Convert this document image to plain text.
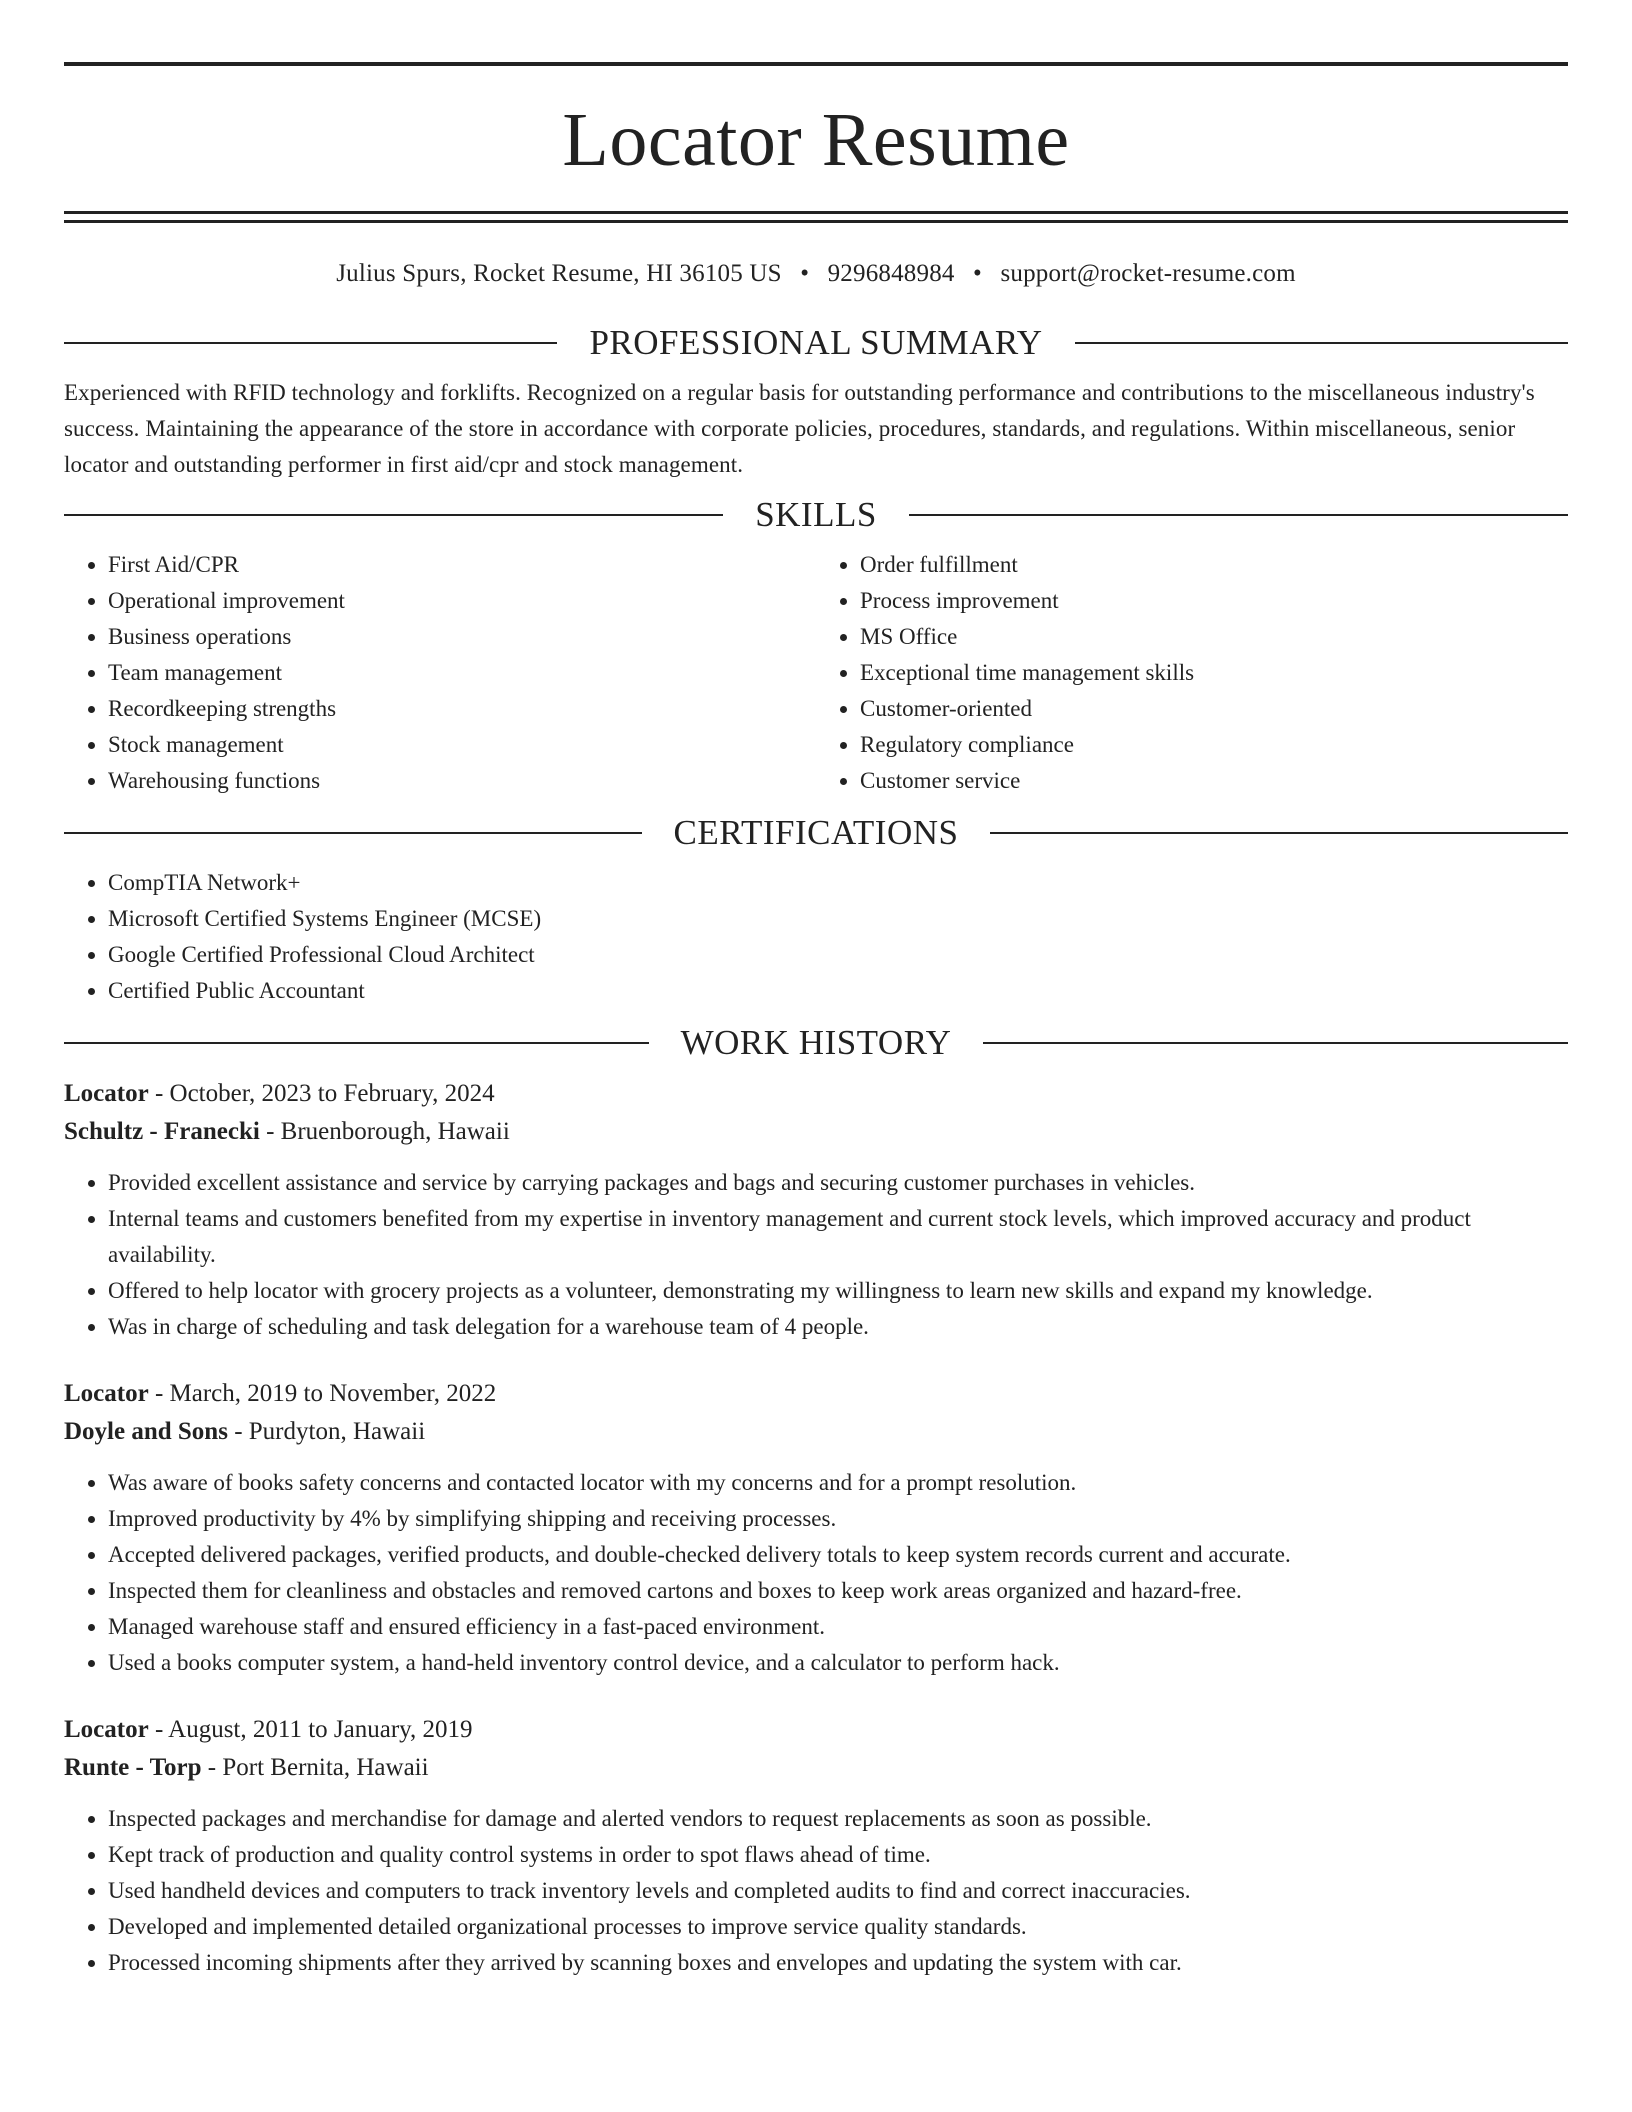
Locator Resume
Julius Spurs, Rocket Resume, HI 36105 US • 9296848984 • support@rocket-resume.com
PROFESSIONAL SUMMARY

Experienced with RFID technology and forklifts. Recognized on a regular basis for outstanding performance and contributions to the miscellaneous industry's success. Maintaining the appearance of the store in accordance with corporate policies, procedures, standards, and regulations. Within miscellaneous, senior locator and outstanding performer in first aid/cpr and stock management.

SKILLS
• First Aid/CPR
• Operational improvement
• Business operations
• Team management
• Recordkeeping strengths
• Stock management
• Warehousing functions
• Order fulfillment
• Process improvement
• MS Office
• Exceptional time management skills
• Customer-oriented
• Regulatory compliance
• Customer service
CERTIFICATIONS
• CompTIA Network+
• Microsoft Certified Systems Engineer (MCSE)
• Google Certified Professional Cloud Architect
• Certified Public Accountant
WORK HISTORY

Locator - October, 2023 to February, 2024

Schultz - Franecki - Bruenborough, Hawaii

• Provided excellent assistance and service by carrying packages and bags and securing customer purchases in vehicles.
• Internal teams and customers benefited from my expertise in inventory management and current stock levels, which improved accuracy and product availability.
• Offered to help locator with grocery projects as a volunteer, demonstrating my willingness to learn new skills and expand my knowledge.
• Was in charge of scheduling and task delegation for a warehouse team of 4 people.

Locator - March, 2019 to November, 2022

Doyle and Sons - Purdyton, Hawaii

• Was aware of books safety concerns and contacted locator with my concerns and for a prompt resolution.
• Improved productivity by 4% by simplifying shipping and receiving processes.
• Accepted delivered packages, verified products, and double-checked delivery totals to keep system records current and accurate.
• Inspected them for cleanliness and obstacles and removed cartons and boxes to keep work areas organized and hazard-free.
• Managed warehouse staff and ensured efficiency in a fast-paced environment.
• Used a books computer system, a hand-held inventory control device, and a calculator to perform hack.

Locator - August, 2011 to January, 2019

Runte - Torp - Port Bernita, Hawaii

• Inspected packages and merchandise for damage and alerted vendors to request replacements as soon as possible.
• Kept track of production and quality control systems in order to spot flaws ahead of time.
• Used handheld devices and computers to track inventory levels and completed audits to find and correct inaccuracies.
• Developed and implemented detailed organizational processes to improve service quality standards.
• Processed incoming shipments after they arrived by scanning boxes and envelopes and updating the system with car.
